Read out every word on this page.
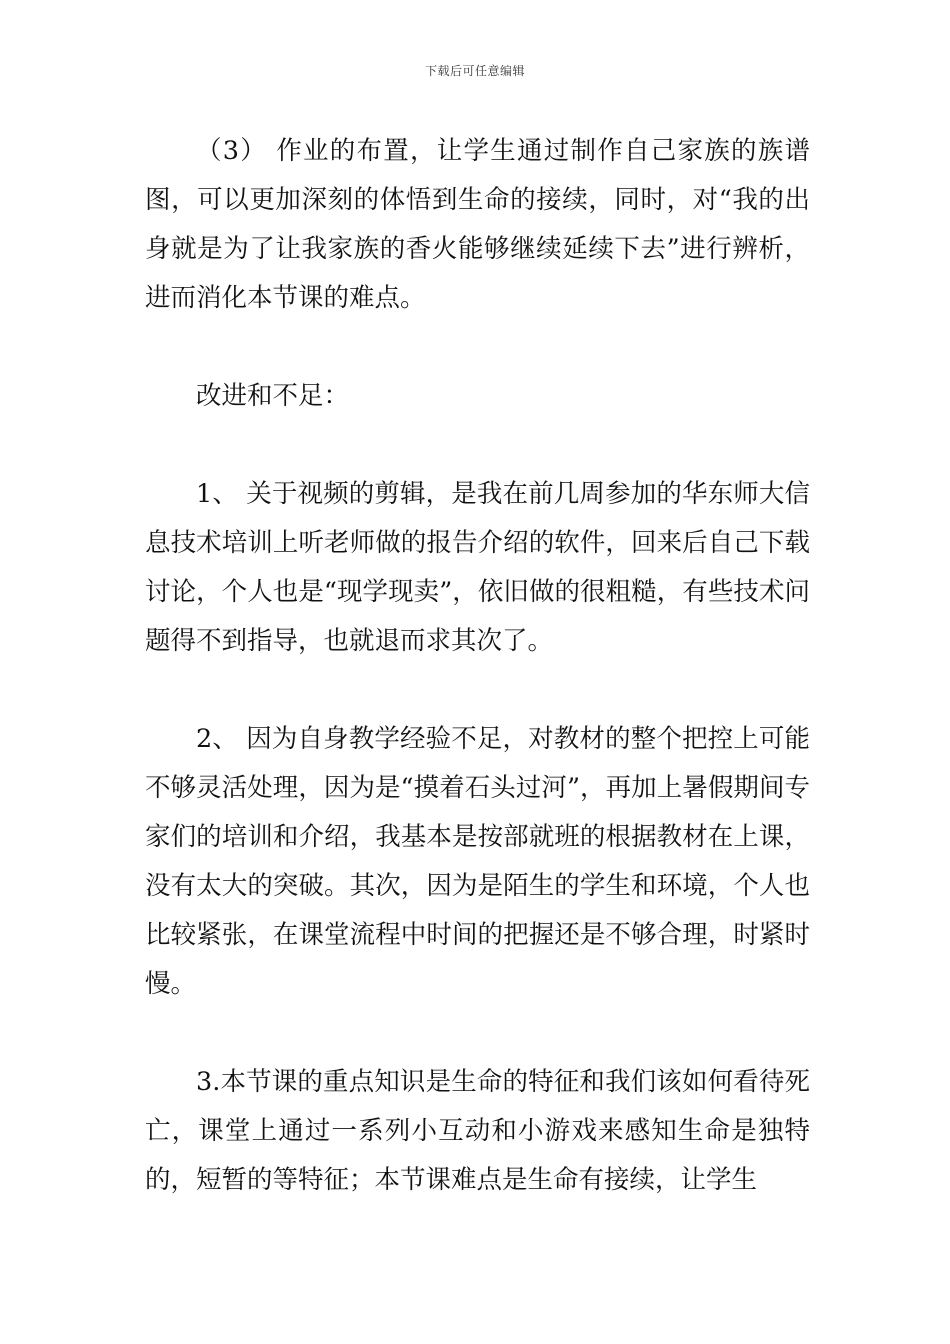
下载后可任意编辑

（3） 作业的布置，让学生通过制作自己家族的族谱图，可以更加深刻的体悟到生命的接续，同时，对“我的出身就是为了让我家族的香火能够继续延续下去”进行辨析，进而消化本节课的难点。

改进和不足：

1、 关于视频的剪辑，是我在前几周参加的华东师大信息技术培训上听老师做的报告介绍的软件，回来后自己下载讨论，个人也是“现学现卖”，依旧做的很粗糙，有些技术问题得不到指导，也就退而求其次了。

2、 因为自身教学经验不足，对教材的整个把控上可能不够灵活处理，因为是“摸着石头过河”，再加上暑假期间专家们的培训和介绍，我基本是按部就班的根据教材在上课，没有太大的突破。其次，因为是陌生的学生和环境，个人也比较紧张，在课堂流程中时间的把握还是不够合理，时紧时慢。

3.本节课的重点知识是生命的特征和我们该如何看待死亡，课堂上通过一系列小互动和小游戏来感知生命是独特的，短暂的等特征；本节课难点是生命有接续，让学生
